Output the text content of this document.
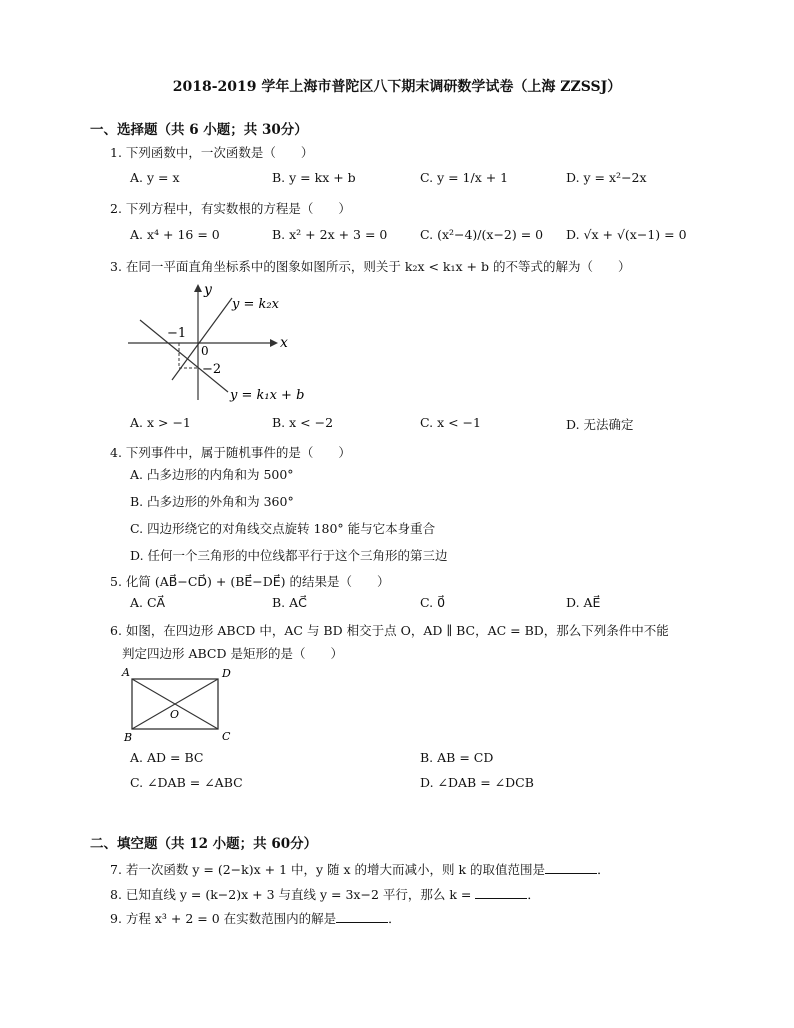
2018-2019 学年上海市普陀区八下期末调研数学试卷（上海 ZZSSJ）
一、选择题（共 6 小题；共 30分）
1. 下列函数中，一次函数是（　　）
A. y = x	B. y = kx + b	C. y = 1/x + 1	D. y = x²−2x
2. 下列方程中，有实数根的方程是（　　）
A. x⁴ + 16 = 0	B. x² + 2x + 3 = 0	C. (x²−4)/(x−2) = 0 D. √x + √(x−1) = 0
3. 在同一平面直角坐标系中的图象如图所示，则关于 k₂x < k₁x + b 的不等式的解为（　　）
x
y
0
−1
−2
y = k₂x
y = k₁x + b
A. x > −1	B. x < −2	C. x < −1	D. 无法确定
4. 下列事件中，属于随机事件的是（　　）
A. 凸多边形的内角和为 500°
B. 凸多边形的外角和为 360°
C. 四边形绕它的对角线交点旋转 180° 能与它本身重合
D. 任何一个三角形的中位线都平行于这个三角形的第三边
5. 化简 (AB⃗−CD⃗) + (BE⃗−DE⃗) 的结果是（　　）
A. CA⃗	B. AC⃗	C. 0⃗	D. AE⃗
6. 如图，在四边形 ABCD 中，AC 与 BD 相交于点 O，AD ∥ BC，AC = BD，那么下列条件中不能
判定四边形 ABCD 是矩形的是（　　）
A	D
B	C
O
A. AD = BC	B. AB = CD
C. ∠DAB = ∠ABC	D. ∠DAB = ∠DCB
二、填空题（共 12 小题；共 60分）
7. 若一次函数 y = (2−k)x + 1 中，y 随 x 的增大而减小，则 k 的取值范围是	．
8. 已知直线 y = (k−2)x + 3 与直线 y = 3x−2 平行，那么 k =	．
9. 方程 x³ + 2 = 0 在实数范围内的解是	．
